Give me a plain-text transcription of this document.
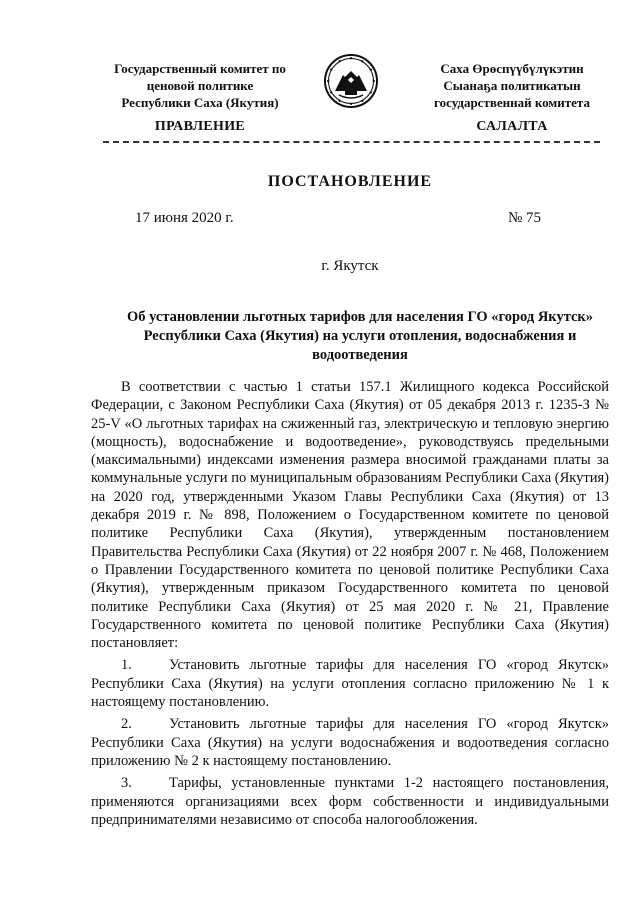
Государственный комитет по
ценовой политике
Республики Саха (Якутия)
Саха Өрөспүүбүлүкэтин
Сыанаҕа политикатын
государственнай комитета
ПРАВЛЕНИЕ	САЛАЛТА
ПОСТАНОВЛЕНИЕ
17 июня 2020 г.	№ 75
г. Якутск
Об установлении льготных тарифов для населения ГО «город Якутск»
Республики Саха (Якутия) на услуги отопления, водоснабжения и
водоотведения

В соответствии с частью 1 статьи 157.1 Жилищного кодекса Российской Федерации, с Законом Республики Саха (Якутия) от 05 декабря 2013 г. 1235-З № 25-V «О льготных тарифах на сжиженный газ, электрическую и тепловую энергию (мощность), водоснабжение и водоотведение», руководствуясь предельными (максимальными) индексами изменения размера вносимой гражданами платы за коммунальные услуги по муниципальным образованиям Республики Саха (Якутия) на 2020 год, утвержденными Указом Главы Республики Саха (Якутия) от 13 декабря 2019 г. № 898, Положением о Государственном комитете по ценовой политике Республики Саха (Якутия), утвержденным постановлением Правительства Республики Саха (Якутия) от 22 ноября 2007 г. № 468, Положением о Правлении Государственного комитета по ценовой политике Республики Саха (Якутия), утвержденным приказом Государственного комитета по ценовой политике Республики Саха (Якутия) от 25 мая 2020 г. № 21, Правление Государственного комитета по ценовой политике Республики Саха (Якутия) постановляет:

1.	Установить льготные тарифы для населения ГО «город Якутск» Республики Саха (Якутия) на услуги отопления согласно приложению № 1 к настоящему постановлению.

2.	Установить льготные тарифы для населения ГО «город Якутск» Республики Саха (Якутия) на услуги водоснабжения и водоотведения согласно приложению № 2 к настоящему постановлению.

3.	Тарифы, установленные пунктами 1-2 настоящего постановления, применяются организациями всех форм собственности и индивидуальными предпринимателями независимо от способа налогообложения.
